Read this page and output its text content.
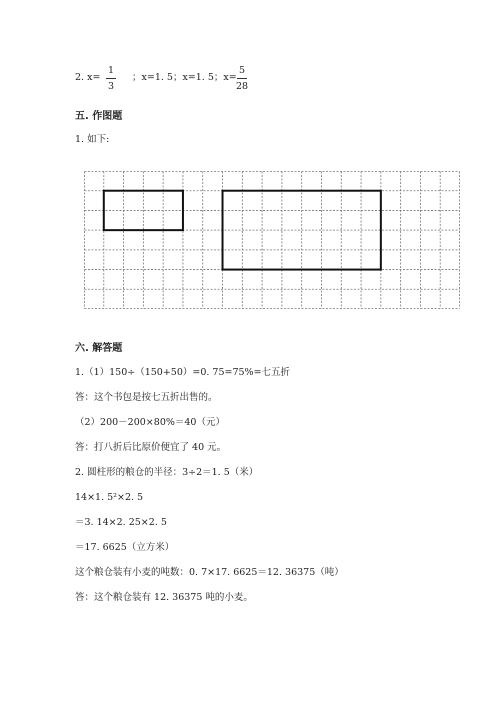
2. $x= \frac{1}{3}$ ；x=1. 5；x=1. 5；$x= \frac{5}{28}$
五. 作图题
1. 如下:
六. 解答题
1.（1）150÷（150+50）=0. 75=75%=七五折
答：这个书包是按七五折出售的。
（2）200－200×80%＝40（元）
答：打八折后比原价便宜了 40 元。
2. 圆柱形的粮仓的半径：3÷2＝1. 5（米）
14×1. 5²×2. 5
＝3. 14×2. 25×2. 5
＝17. 6625（立方米）
这个粮仓装有小麦的吨数：0. 7×17. 6625＝12. 36375（吨）
答：这个粮仓装有 12. 36375 吨的小麦。
